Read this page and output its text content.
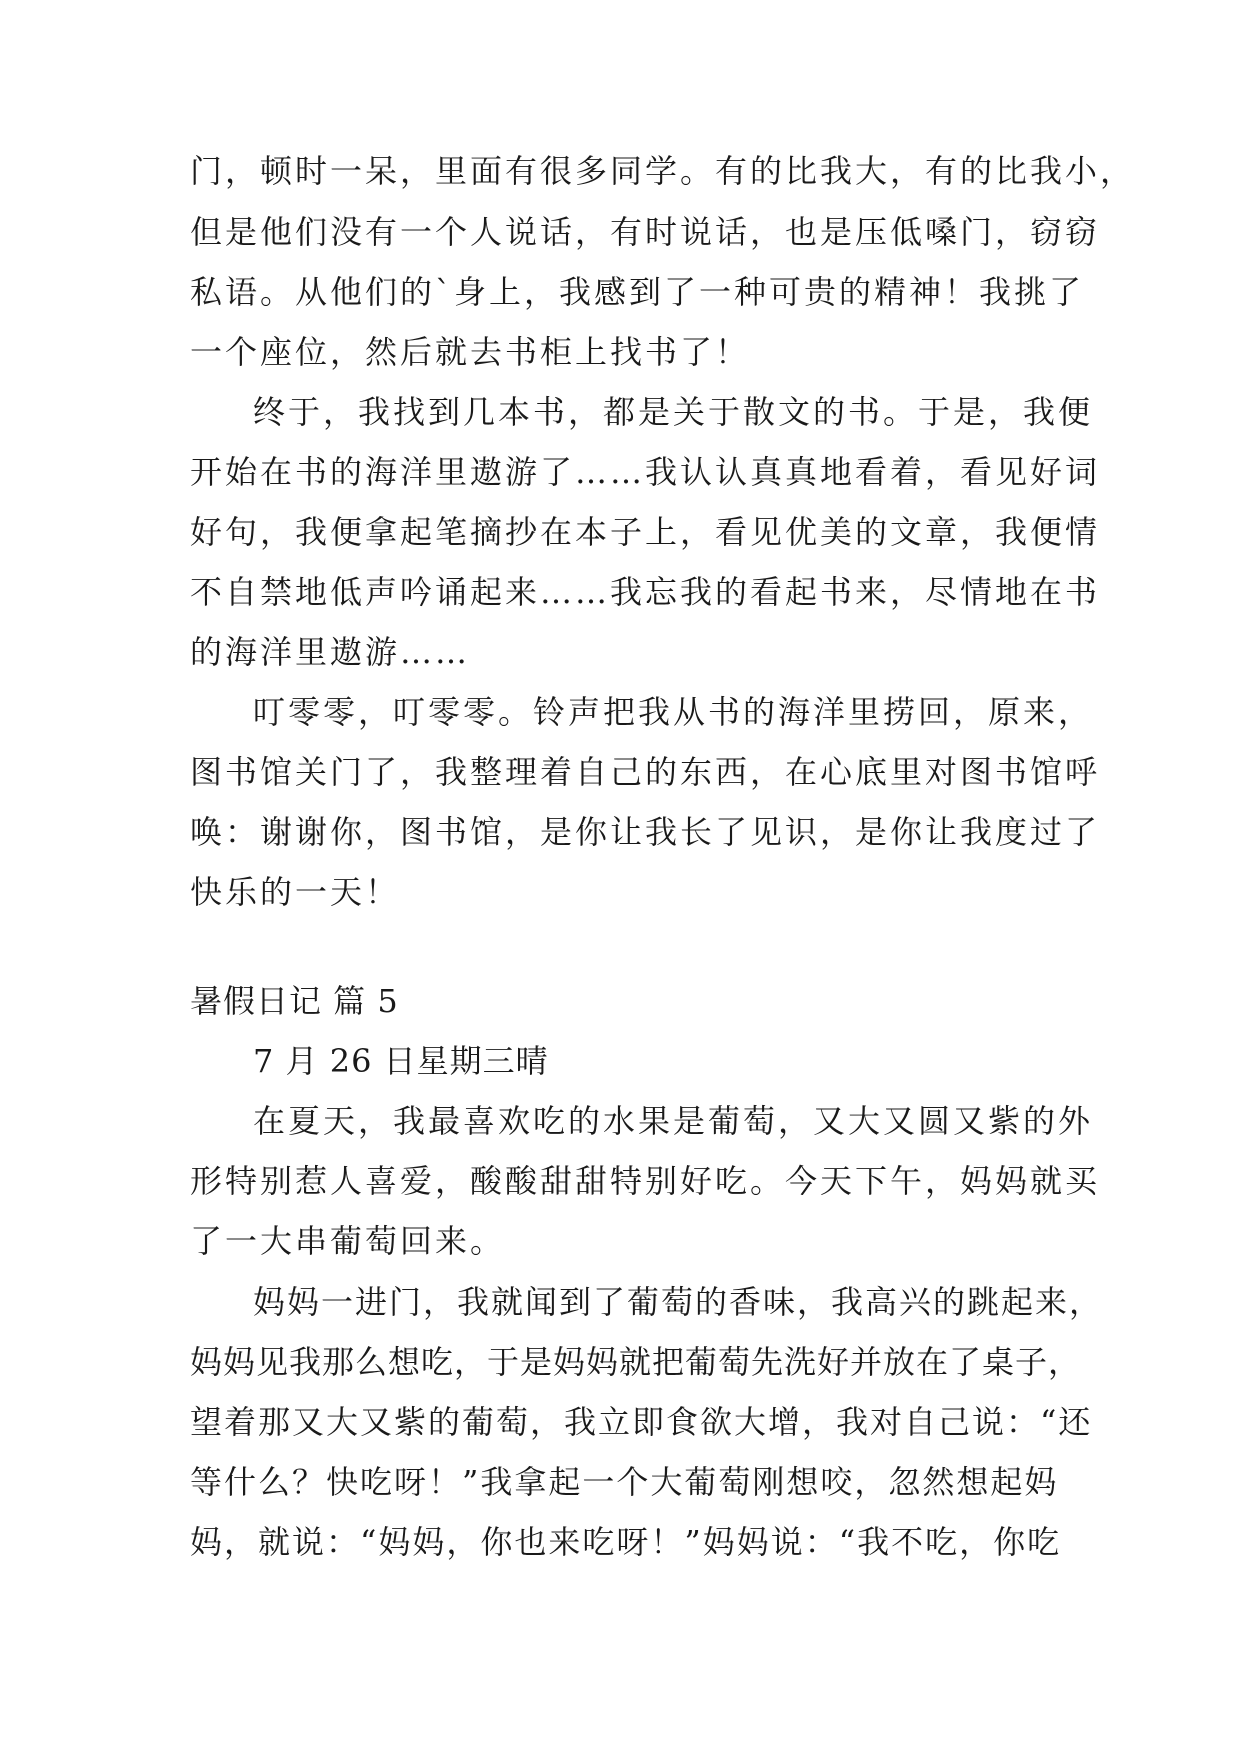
门，顿时一呆，里面有很多同学。有的比我大，有的比我小，
但是他们没有一个人说话，有时说话，也是压低嗓门，窃窃
私语。从他们的`身上，我感到了一种可贵的精神！我挑了
一个座位，然后就去书柜上找书了！
终于，我找到几本书，都是关于散文的书。于是，我便
开始在书的海洋里遨游了……我认认真真地看着，看见好词
好句，我便拿起笔摘抄在本子上，看见优美的文章，我便情
不自禁地低声吟诵起来……我忘我的看起书来，尽情地在书
的海洋里遨游……
叮零零，叮零零。铃声把我从书的海洋里捞回，原来，
图书馆关门了，我整理着自己的东西，在心底里对图书馆呼
唤：谢谢你，图书馆，是你让我长了见识，是你让我度过了
快乐的一天！
暑假日记 篇 5
7 月 26 日星期三晴
在夏天，我最喜欢吃的水果是葡萄，又大又圆又紫的外
形特别惹人喜爱，酸酸甜甜特别好吃。今天下午，妈妈就买
了一大串葡萄回来。
妈妈一进门，我就闻到了葡萄的香味，我高兴的跳起来，
妈妈见我那么想吃，于是妈妈就把葡萄先洗好并放在了桌子，
望着那又大又紫的葡萄，我立即食欲大增，我对自己说：“还
等什么？快吃呀！”我拿起一个大葡萄刚想咬，忽然想起妈
妈，就说：“妈妈，你也来吃呀！”妈妈说：“我不吃，你吃
